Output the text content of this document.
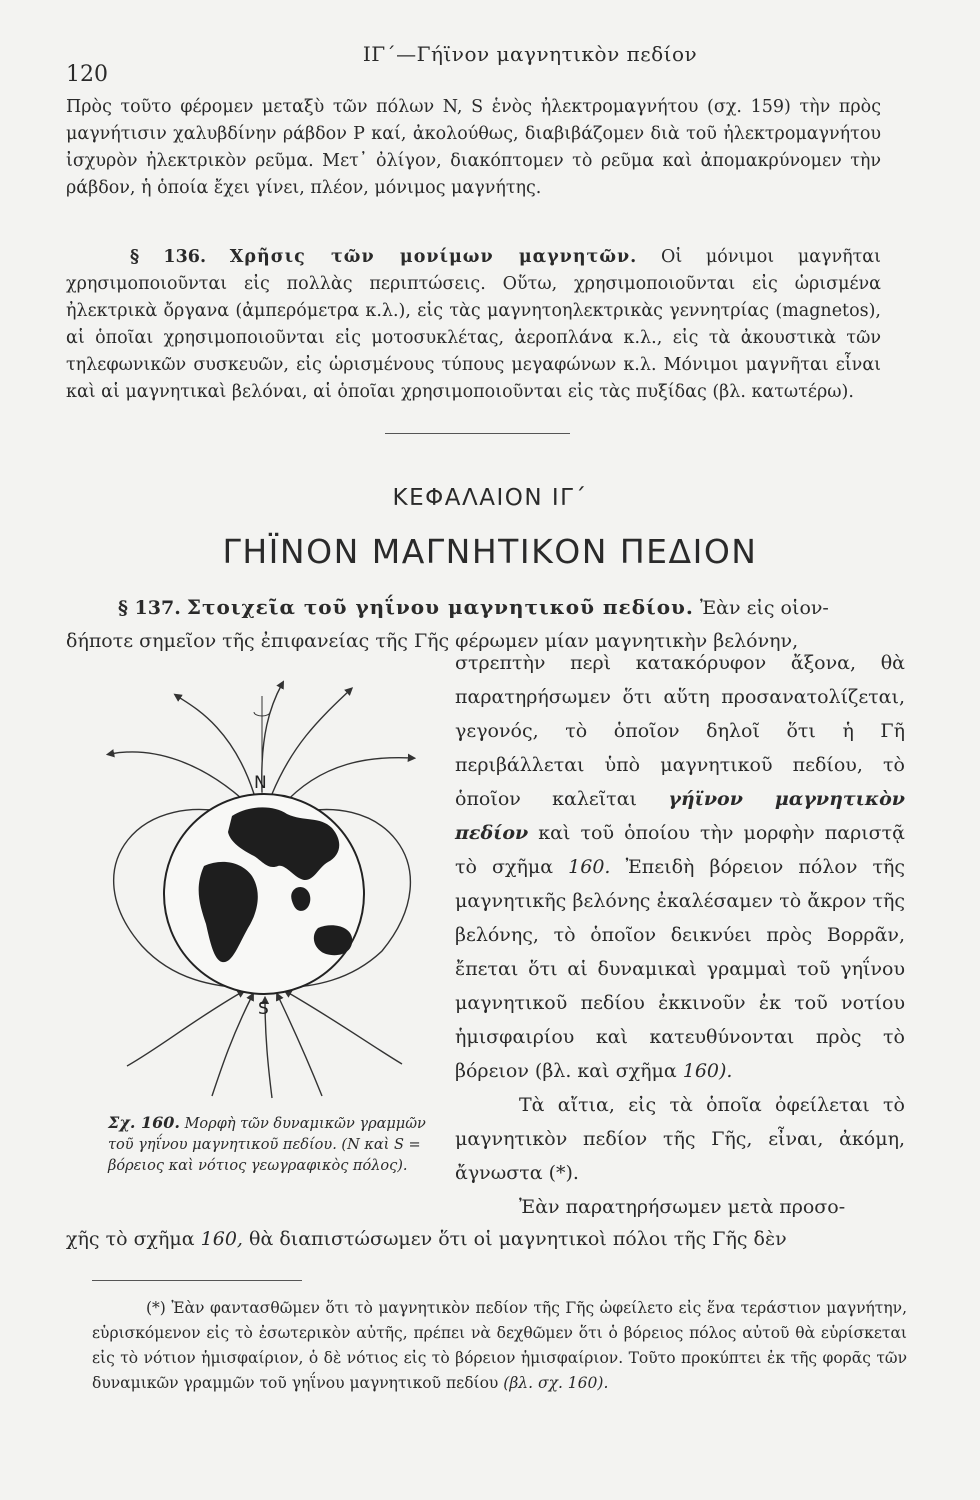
120
ΙΓ΄—Γήϊνον μαγνητικὸν πεδίον

Πρὸς τοῦτο φέρομεν μεταξὺ τῶν πόλων N, S ἑνὸς ἠλεκτρομαγνήτου (σχ. 159) τὴν πρὸς μαγνήτισιν χαλυβδίνην ράβδον P καί, ἀκολούθως, διαβιβάζομεν διὰ τοῦ ἠλεκτρομαγνήτου ἰσχυρὸν ἠλεκτρικὸν ρεῦμα. Μετ᾽ ὀλίγον, διακόπτομεν τὸ ρεῦμα καὶ ἀπομακρύνομεν τὴν ράβδον, ἡ ὁποία ἔχει γίνει, πλέον, μόνιμος μαγνήτης.

§ 136. Χρῆσις τῶν μονίμων μαγνητῶν. Οἱ μόνιμοι μαγνῆται χρησιμοποιοῦνται εἰς πολλὰς περιπτώσεις. Οὕτω, χρησιμοποιοῦνται εἰς ὡρισμένα ἠλεκτρικὰ ὄργανα (ἀμπερόμετρα κ.λ.), εἰς τὰς μαγνητοηλεκτρικὰς γεννητρίας (magnetos), αἱ ὁποῖαι χρησιμοποιοῦνται εἰς μοτοσυκλέτας, ἀεροπλάνα κ.λ., εἰς τὰ ἀκουστικὰ τῶν τηλεφωνικῶν συσκευῶν, εἰς ὡρισμένους τύπους μεγαφώνων κ.λ. Μόνιμοι μαγνῆται εἶναι καὶ αἱ μαγνητικαὶ βελόναι, αἱ ὁποῖαι χρησιμοποιοῦνται εἰς τὰς πυξίδας (βλ. κατωτέρω).

ΚΕΦΑΛΑΙΟΝ ΙΓ΄
ΓΗΪΝΟΝ ΜΑΓΝΗΤΙΚΟΝ ΠΕΔΙΟΝ
§ 137. Στοιχεῖα τοῦ γηΐνου μαγνητικοῦ πεδίου. Ἐὰν εἰς οἱον-
δήποτε σημεῖον τῆς ἐπιφανείας τῆς Γῆς φέρωμεν μίαν μαγνητικὴν βελόνην,
N
S
Σχ. 160. Μορφὴ τῶν δυναμικῶν γραμμῶν τοῦ γηΐνου μαγνητικοῦ πεδίου. (N καὶ S = βόρειος καὶ νότιος γεωγραφικὸς πόλος).

στρεπτὴν περὶ κατακόρυφον ἄξονα, θὰ παρατηρήσωμεν ὅτι αὕτη προσανατολίζεται, γεγονός, τὸ ὁποῖον δηλοῖ ὅτι ἡ Γῆ περιβάλλεται ὑπὸ μαγνητικοῦ πεδίου, τὸ ὁποῖον καλεῖται γήϊνον μαγνητικὸν πεδίον καὶ τοῦ ὁποίου τὴν μορφὴν παριστᾷ τὸ σχῆμα 160. Ἐπειδὴ βόρειον πόλον τῆς μαγνητικῆς βελόνης ἐκαλέσαμεν τὸ ἄκρον τῆς βελόνης, τὸ ὁποῖον δεικνύει πρὸς Βορρᾶν, ἔπεται ὅτι αἱ δυναμικαὶ γραμμαὶ τοῦ γηΐνου μαγνητικοῦ πεδίου ἐκκινοῦν ἐκ τοῦ νοτίου ἡμισφαιρίου καὶ κατευθύνονται πρὸς τὸ βόρειον (βλ. καὶ σχῆμα 160).

Τὰ αἴτια, εἰς τὰ ὁποῖα ὀφείλεται τὸ μαγνητικὸν πεδίον τῆς Γῆς, εἶναι, ἀκόμη, ἄγνωστα (*).

Ἐὰν παρατηρήσωμεν μετὰ προσο-

χῆς τὸ σχῆμα 160, θὰ διαπιστώσωμεν ὅτι οἱ μαγνητικοὶ πόλοι τῆς Γῆς δὲν

(*) Ἐὰν φαντασθῶμεν ὅτι τὸ μαγνητικὸν πεδίον τῆς Γῆς ὠφείλετο εἰς ἕνα τεράστιον μαγνήτην, εὑρισκόμενον εἰς τὸ ἐσωτερικὸν αὐτῆς, πρέπει νὰ δεχθῶμεν ὅτι ὁ βόρειος πόλος αὐτοῦ θὰ εὑρίσκεται εἰς τὸ νότιον ἡμισφαίριον, ὁ δὲ νότιος εἰς τὸ βόρειον ἡμισφαίριον. Τοῦτο προκύπτει ἐκ τῆς φορᾶς τῶν δυναμικῶν γραμμῶν τοῦ γηΐνου μαγνητικοῦ πεδίου (βλ. σχ. 160).
